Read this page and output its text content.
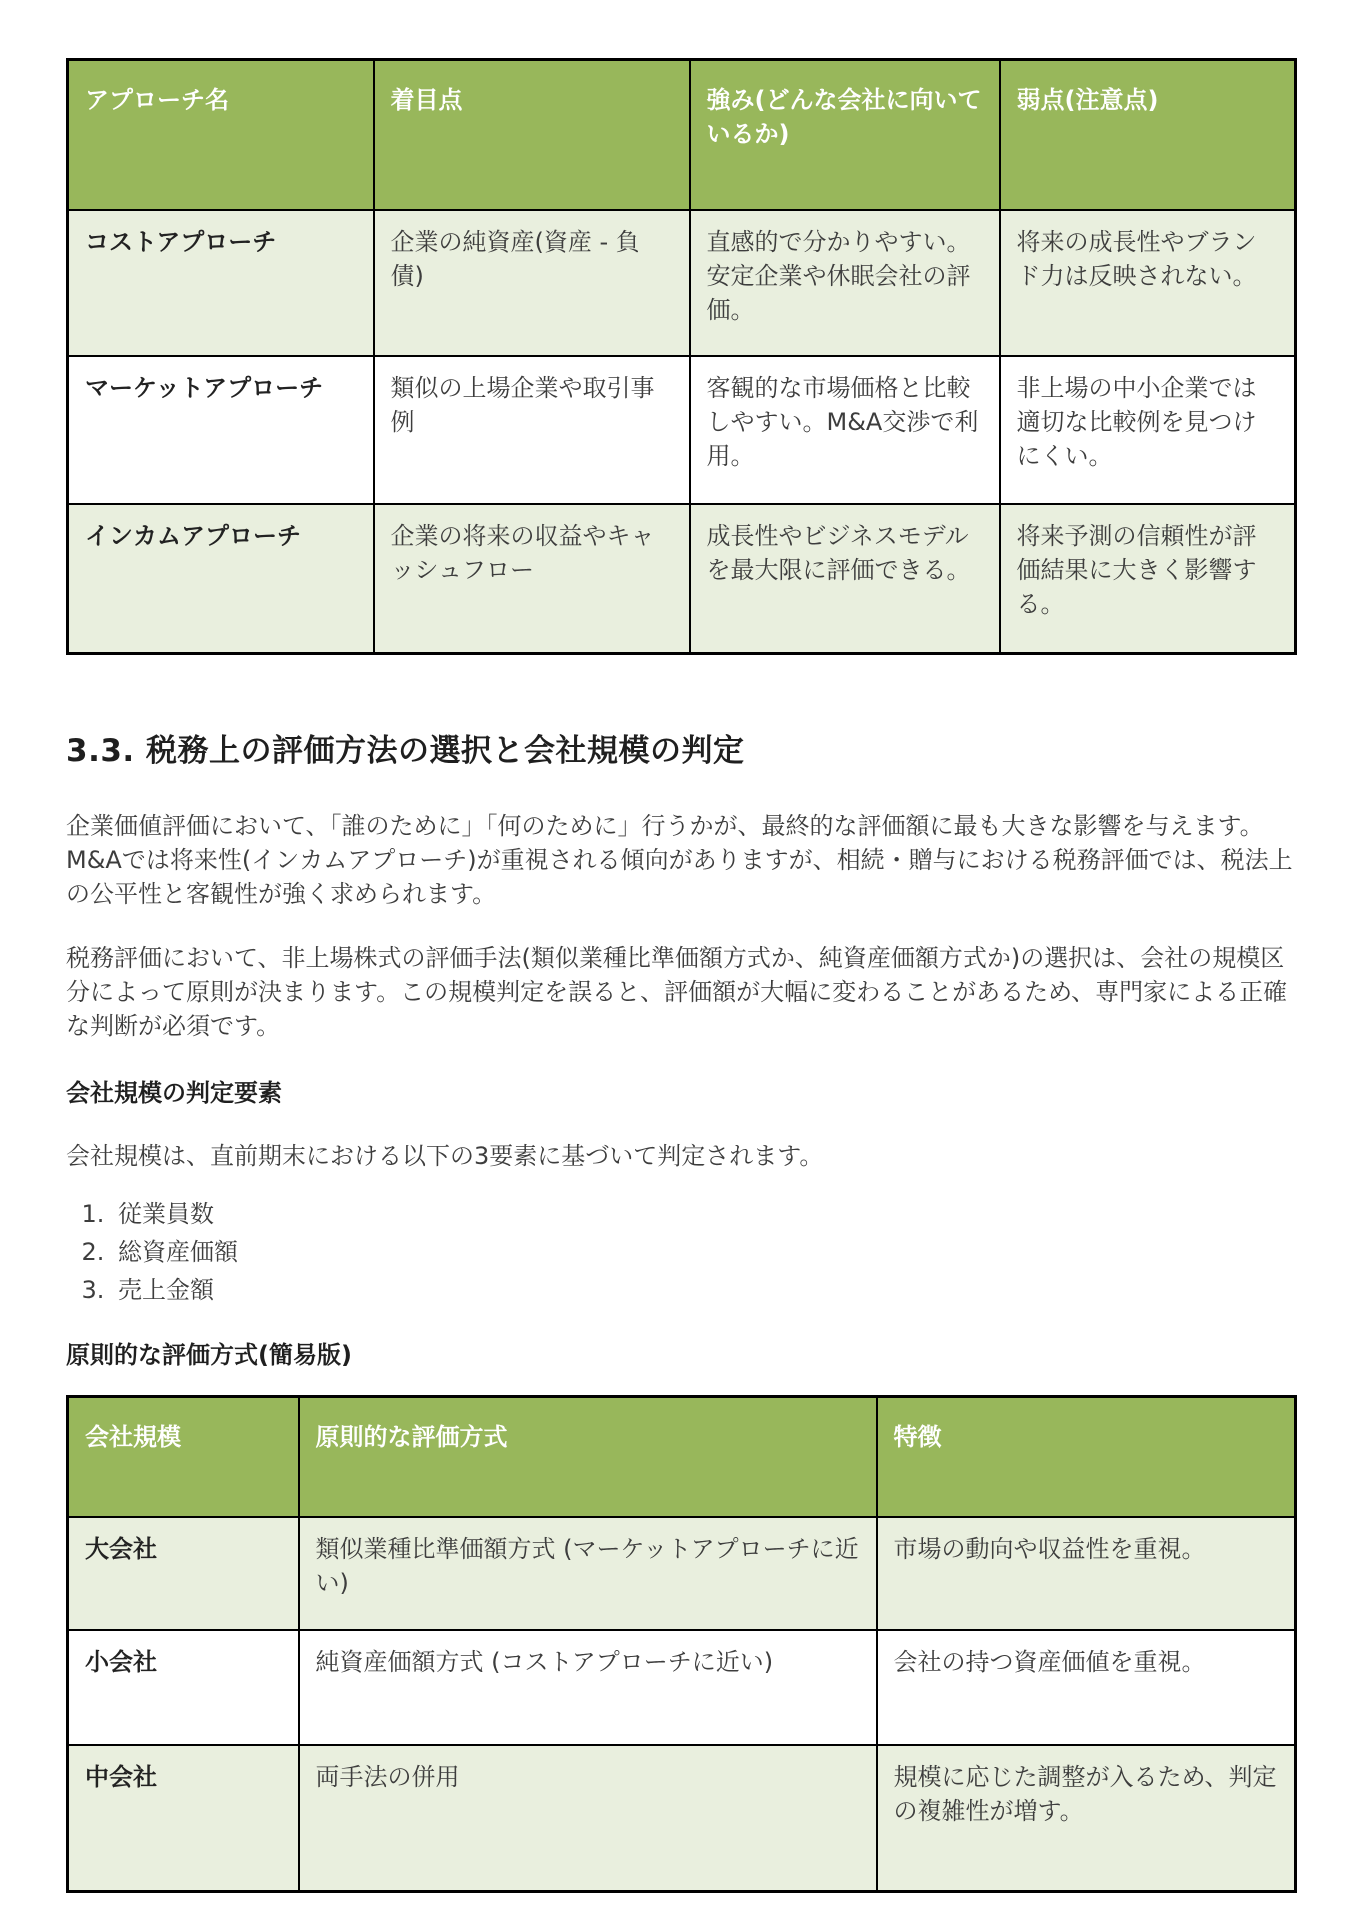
アプローチ名	着目点	強み(どんな会社に向いているか)	弱点(注意点)
コストアプローチ	企業の純資産(資産 - 負債)	直感的で分かりやすい。安定企業や休眠会社の評価。	将来の成長性やブランド力は反映されない。
マーケットアプローチ	類似の上場企業や取引事例	客観的な市場価格と比較しやすい。M&A交渉で利用。	非上場の中小企業では適切な比較例を見つけにくい。
インカムアプローチ	企業の将来の収益やキャッシュフロー	成長性やビジネスモデルを最大限に評価できる。	将来予測の信頼性が評価結果に大きく影響する。
3.3. 税務上の評価方法の選択と会社規模の判定

企業価値評価において、「誰のために」「何のために」行うかが、最終的な評価額に最も大きな影響を与えます。M&Aでは将来性(インカムアプローチ)が重視される傾向がありますが、相続・贈与における税務評価では、税法上の公平性と客観性が強く求められます。

税務評価において、非上場株式の評価手法(類似業種比準価額方式か、純資産価額方式か)の選択は、会社の規模区分によって原則が決まります。この規模判定を誤ると、評価額が大幅に変わることがあるため、専門家による正確な判断が必須です。

会社規模の判定要素

会社規模は、直前期末における以下の3要素に基づいて判定されます。

1. 従業員数
2. 総資産価額
3. 売上金額
原則的な評価方式(簡易版)
会社規模	原則的な評価方式	特徴
大会社	類似業種比準価額方式 (マーケットアプローチに近い)	市場の動向や収益性を重視。
小会社	純資産価額方式 (コストアプローチに近い)	会社の持つ資産価値を重視。
中会社	両手法の併用	規模に応じた調整が入るため、判定の複雑性が増す。
